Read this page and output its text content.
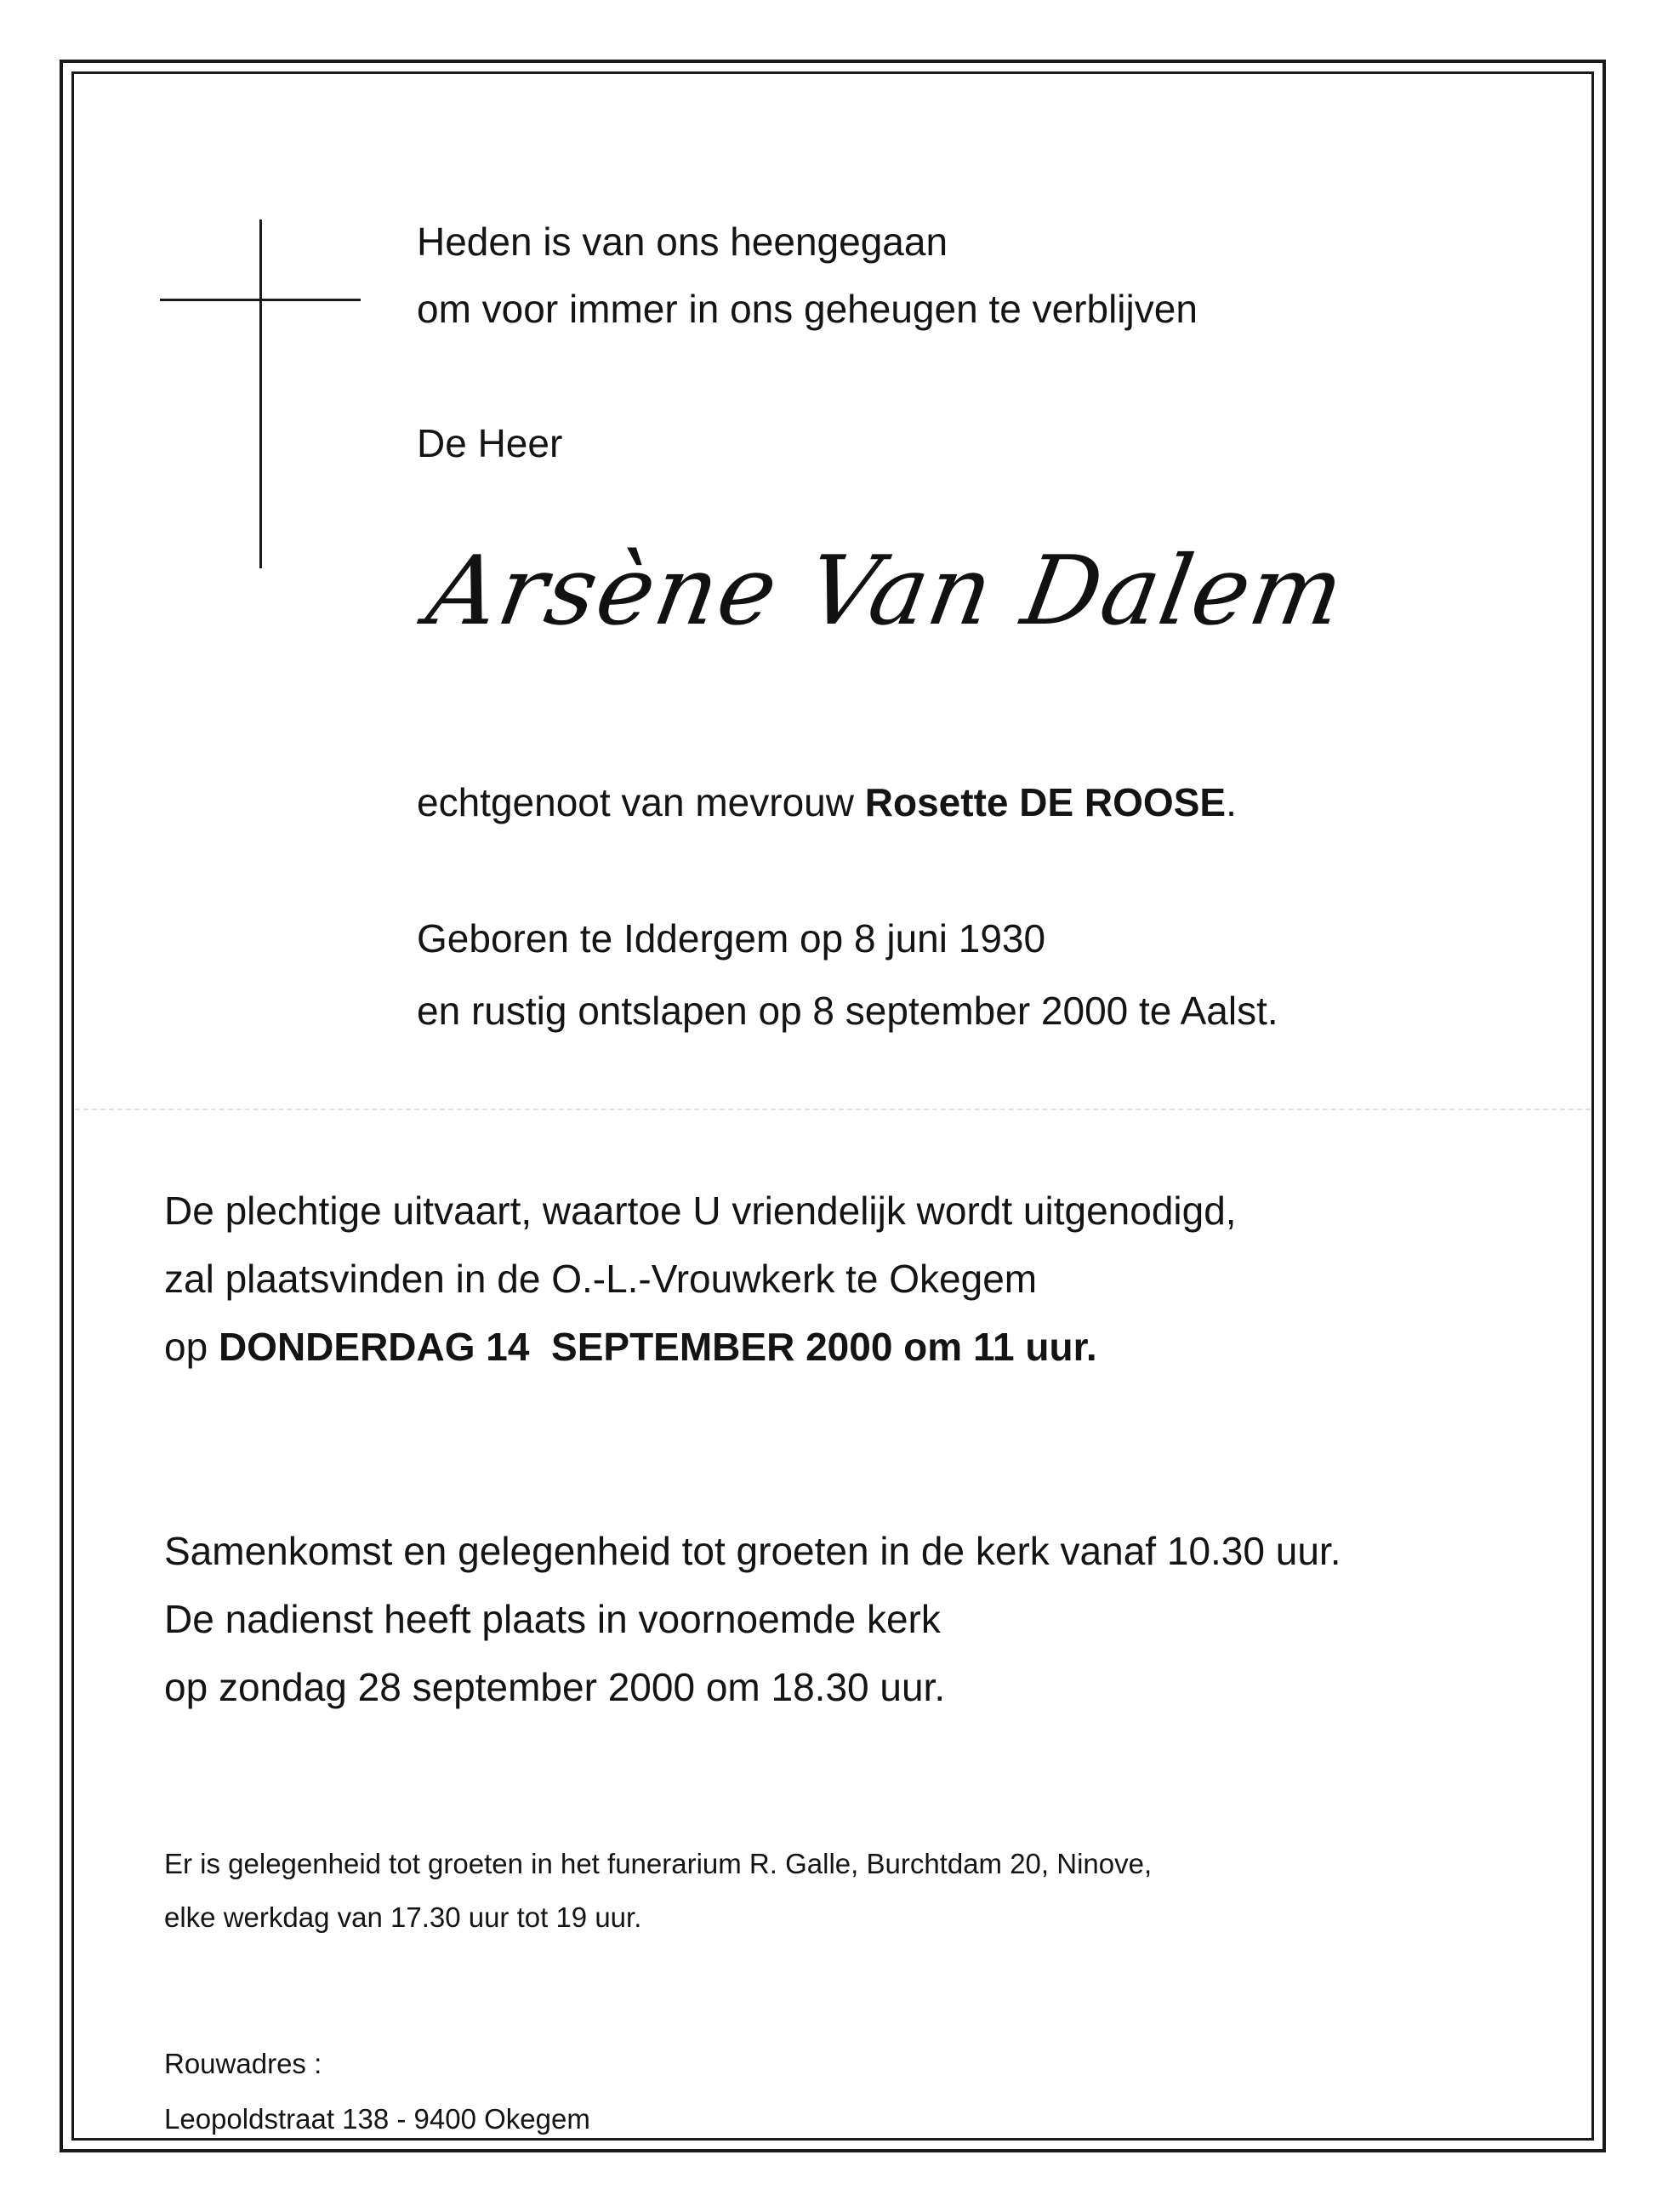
Heden is van ons heengegaan

om voor immer in ons geheugen te verblijven

De Heer

Arsène Van Dalem

echtgenoot van mevrouw Rosette DE ROOSE.

Geboren te Iddergem op 8 juni 1930

en rustig ontslapen op 8 september 2000 te Aalst.

De plechtige uitvaart, waartoe U vriendelijk wordt uitgenodigd,

zal plaatsvinden in de O.-L.-Vrouwkerk te Okegem

op DONDERDAG 14  SEPTEMBER 2000 om 11 uur.

Samenkomst en gelegenheid tot groeten in de kerk vanaf 10.30 uur.

De nadienst heeft plaats in voornoemde kerk

op zondag 28 september 2000 om 18.30 uur.

Er is gelegenheid tot groeten in het funerarium R. Galle, Burchtdam 20, Ninove,

elke werkdag van 17.30 uur tot 19 uur.

Rouwadres :

Leopoldstraat 138 - 9400 Okegem
